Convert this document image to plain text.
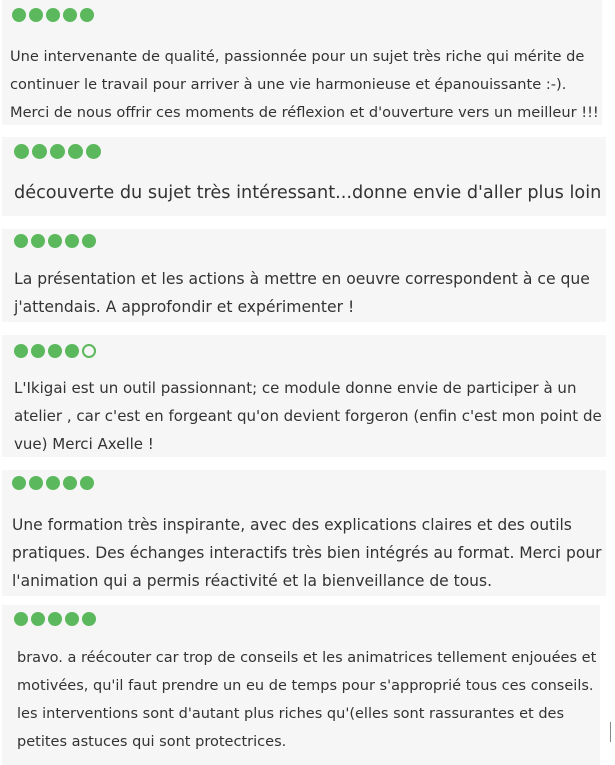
Une intervenante de qualité, passionnée pour un sujet très riche qui mérite de
continuer le travail pour arriver à une vie harmonieuse et épanouissante :-).
Merci de nous offrir ces moments de réflexion et d'ouverture vers un meilleur !!!

découverte du sujet très intéressant...donne envie d'aller plus loin

La présentation et les actions à mettre en oeuvre correspondent à ce que
j'attendais. A approfondir et expérimenter !

L'Ikigai est un outil passionnant; ce module donne envie de participer à un
atelier , car c'est en forgeant qu'on devient forgeron (enfin c'est mon point de
vue) Merci Axelle !

Une formation très inspirante, avec des explications claires et des outils
pratiques. Des échanges interactifs très bien intégrés au format. Merci pour
l'animation qui a permis réactivité et la bienveillance de tous.

bravo. a réécouter car trop de conseils et les animatrices tellement enjouées et
motivées, qu'il faut prendre un eu de temps pour s'approprié tous ces conseils.
les interventions sont d'autant plus riches qu'(elles sont rassurantes et des
petites astuces qui sont protectrices.
